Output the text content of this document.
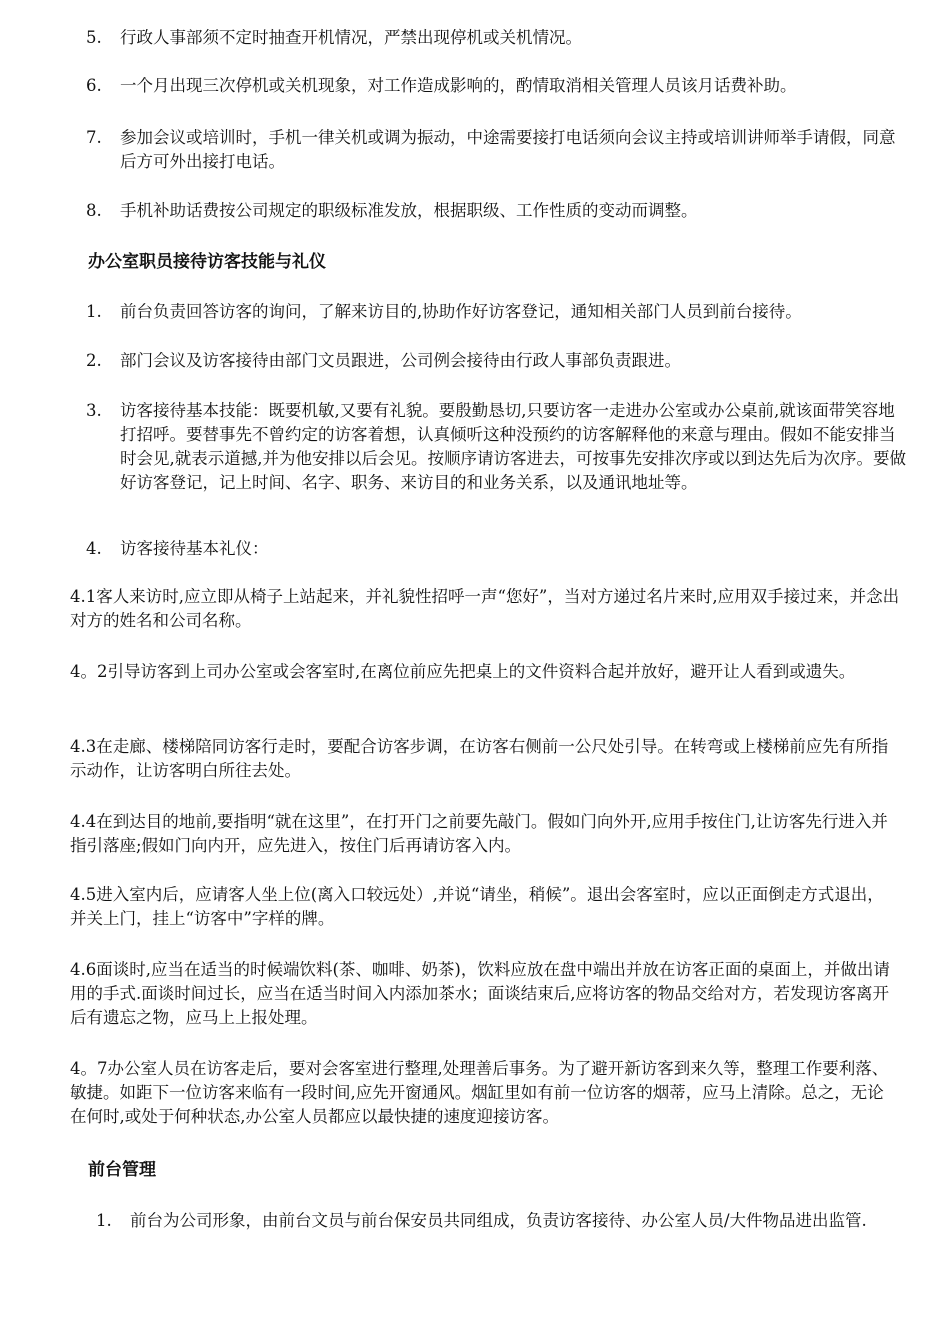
5.	行政人事部须不定时抽查开机情况，严禁出现停机或关机情况。
6.	一个月出现三次停机或关机现象，对工作造成影响的，酌情取消相关管理人员该月话费补助。
7.	参加会议或培训时，手机一律关机或调为振动，中途需要接打电话须向会议主持或培训讲师举手请假，同意后方可外出接打电话。
8.	手机补助话费按公司规定的职级标准发放，根据职级、工作性质的变动而调整。
办公室职员接待访客技能与礼仪
1.	前台负责回答访客的询问，了解来访目的,协助作好访客登记，通知相关部门人员到前台接待。
2.	部门会议及访客接待由部门文员跟进，公司例会接待由行政人事部负责跟进。
3.	访客接待基本技能：既要机敏,又要有礼貌。要殷勤恳切,只要访客一走进办公室或办公桌前,就该面带笑容地打招呼。要替事先不曾约定的访客着想，认真倾听这种没预约的访客解释他的来意与理由。假如不能安排当时会见,就表示道撼,并为他安排以后会见。按顺序请访客进去，可按事先安排次序或以到达先后为次序。要做好访客登记，记上时间、名字、职务、来访目的和业务关系，以及通讯地址等。
4.	访客接待基本礼仪：
4.1客人来访时,应立即从椅子上站起来，并礼貌性招呼一声“您好”，当对方递过名片来时,应用双手接过来，并念出对方的姓名和公司名称。
4。2引导访客到上司办公室或会客室时,在离位前应先把桌上的文件资料合起并放好，避开让人看到或遗失。
4.3在走廊、楼梯陪同访客行走时，要配合访客步调，在访客右侧前一公尺处引导。在转弯或上楼梯前应先有所指示动作，让访客明白所往去处。
4.4在到达目的地前,要指明“就在这里”，在打开门之前要先敲门。假如门向外开,应用手按住门,让访客先行进入并指引落座;假如门向内开，应先进入，按住门后再请访客入内。
4.5进入室内后，应请客人坐上位(离入口较远处）,并说“请坐，稍候”。退出会客室时，应以正面倒走方式退出，并关上门，挂上“访客中”字样的牌。
4.6面谈时,应当在适当的时候端饮料(茶、咖啡、奶茶)，饮料应放在盘中端出并放在访客正面的桌面上，并做出请用的手式.面谈时间过长，应当在适当时间入内添加茶水；面谈结束后,应将访客的物品交给对方，若发现访客离开后有遗忘之物，应马上上报处理。
4。7办公室人员在访客走后，要对会客室进行整理,处理善后事务。为了避开新访客到来久等，整理工作要利落、敏捷。如距下一位访客来临有一段时间,应先开窗通风。烟缸里如有前一位访客的烟蒂，应马上清除。总之，无论在何时,或处于何种状态,办公室人员都应以最快捷的速度迎接访客。
前台管理
1.	前台为公司形象，由前台文员与前台保安员共同组成，负责访客接待、办公室人员/大件物品进出监管.
